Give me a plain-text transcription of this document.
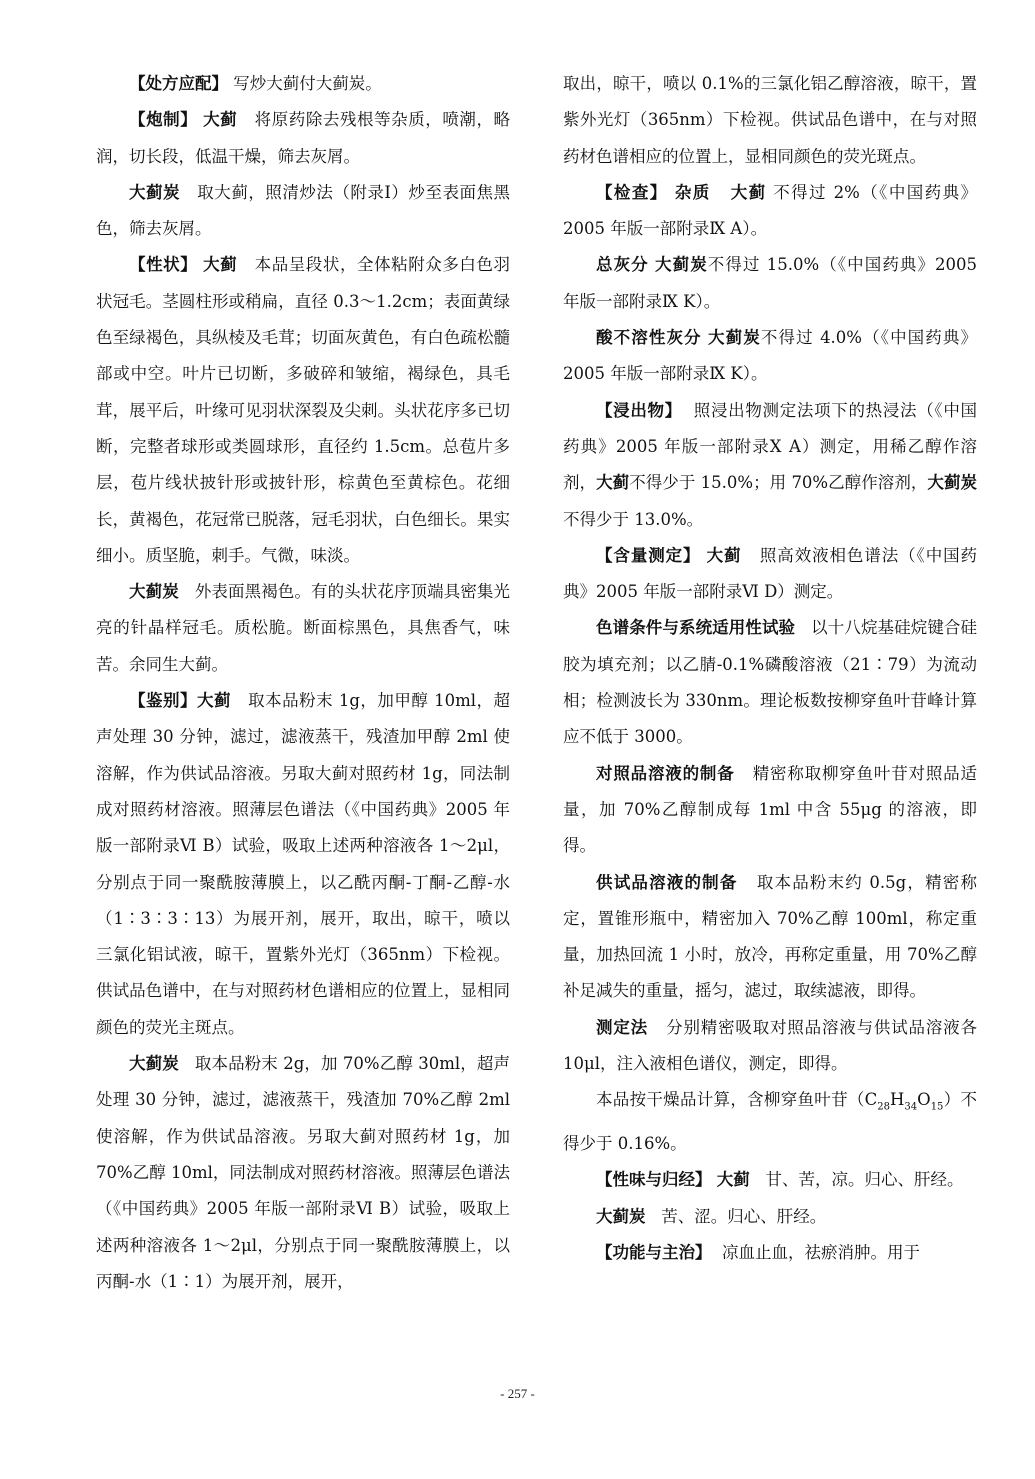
【处方应配】 写炒大蓟付大蓟炭。

【炮制】 大蓟 将原药除去残根等杂质，喷潮，略润，切长段，低温干燥，筛去灰屑。

大蓟炭 取大蓟，照清炒法（附录Ⅰ）炒至表面焦黑色，筛去灰屑。

【性状】 大蓟 本品呈段状，全体粘附众多白色羽状冠毛。茎圆柱形或稍扁，直径 0.3～1.2cm；表面黄绿色至绿褐色，具纵棱及毛茸；切面灰黄色，有白色疏松髓部或中空。叶片已切断，多破碎和皱缩，褐绿色，具毛茸，展平后，叶缘可见羽状深裂及尖刺。头状花序多已切断，完整者球形或类圆球形，直径约 1.5cm。总苞片多层，苞片线状披针形或披针形，棕黄色至黄棕色。花细长，黄褐色，花冠常已脱落，冠毛羽状，白色细长。果实细小。质坚脆，刺手。气微，味淡。

大蓟炭 外表面黑褐色。有的头状花序顶端具密集光亮的针晶样冠毛。质松脆。断面棕黑色，具焦香气，味苦。余同生大蓟。

【鉴别】大蓟 取本品粉末 1g，加甲醇 10ml，超声处理 30 分钟，滤过，滤液蒸干，残渣加甲醇 2ml 使溶解，作为供试品溶液。另取大蓟对照药材 1g，同法制成对照药材溶液。照薄层色谱法（《中国药典》2005 年版一部附录Ⅵ B）试验，吸取上述两种溶液各 1～2μl，分别点于同一聚酰胺薄膜上，以乙酰丙酮-丁酮-乙醇-水（1∶3∶3∶13）为展开剂，展开，取出，晾干，喷以三氯化铝试液，晾干，置紫外光灯（365nm）下检视。供试品色谱中，在与对照药材色谱相应的位置上，显相同颜色的荧光主斑点。

大蓟炭 取本品粉末 2g，加 70%乙醇 30ml，超声处理 30 分钟，滤过，滤液蒸干，残渣加 70%乙醇 2ml 使溶解，作为供试品溶液。另取大蓟对照药材 1g，加 70%乙醇 10ml，同法制成对照药材溶液。照薄层色谱法（《中国药典》2005 年版一部附录Ⅵ B）试验，吸取上述两种溶液各 1～2μl，分别点于同一聚酰胺薄膜上，以丙酮-水（1∶1）为展开剂，展开，

取出，晾干，喷以 0.1%的三氯化铝乙醇溶液，晾干，置紫外光灯（365nm）下检视。供试品色谱中，在与对照药材色谱相应的位置上，显相同颜色的荧光斑点。

【检查】 杂质 大蓟 不得过 2%（《中国药典》2005 年版一部附录Ⅸ A）。

总灰分 大蓟炭不得过 15.0%（《中国药典》2005 年版一部附录Ⅸ K）。

酸不溶性灰分 大蓟炭不得过 4.0%（《中国药典》2005 年版一部附录Ⅸ K）。

【浸出物】 照浸出物测定法项下的热浸法（《中国药典》2005 年版一部附录Ⅹ A）测定，用稀乙醇作溶剂，大蓟不得少于 15.0%；用 70%乙醇作溶剂，大蓟炭不得少于 13.0%。

【含量测定】 大蓟 照高效液相色谱法（《中国药典》2005 年版一部附录Ⅵ D）测定。

色谱条件与系统适用性试验 以十八烷基硅烷键合硅胶为填充剂；以乙腈-0.1%磷酸溶液（21∶79）为流动相；检测波长为 330nm。理论板数按柳穿鱼叶苷峰计算应不低于 3000。

对照品溶液的制备 精密称取柳穿鱼叶苷对照品适量，加 70%乙醇制成每 1ml 中含 55μg 的溶液，即得。

供试品溶液的制备 取本品粉末约 0.5g，精密称定，置锥形瓶中，精密加入 70%乙醇 100ml，称定重量，加热回流 1 小时，放冷，再称定重量，用 70%乙醇补足减失的重量，摇匀，滤过，取续滤液，即得。

测定法 分别精密吸取对照品溶液与供试品溶液各 10μl，注入液相色谱仪，测定，即得。

本品按干燥品计算，含柳穿鱼叶苷$(C_{28}H_{34}O_{15})$不得少于 0.16%。

【性味与归经】 大蓟 甘、苦，凉。归心、肝经。

大蓟炭 苦、涩。归心、肝经。

【功能与主治】 凉血止血，祛瘀消肿。用于

- 257 -
